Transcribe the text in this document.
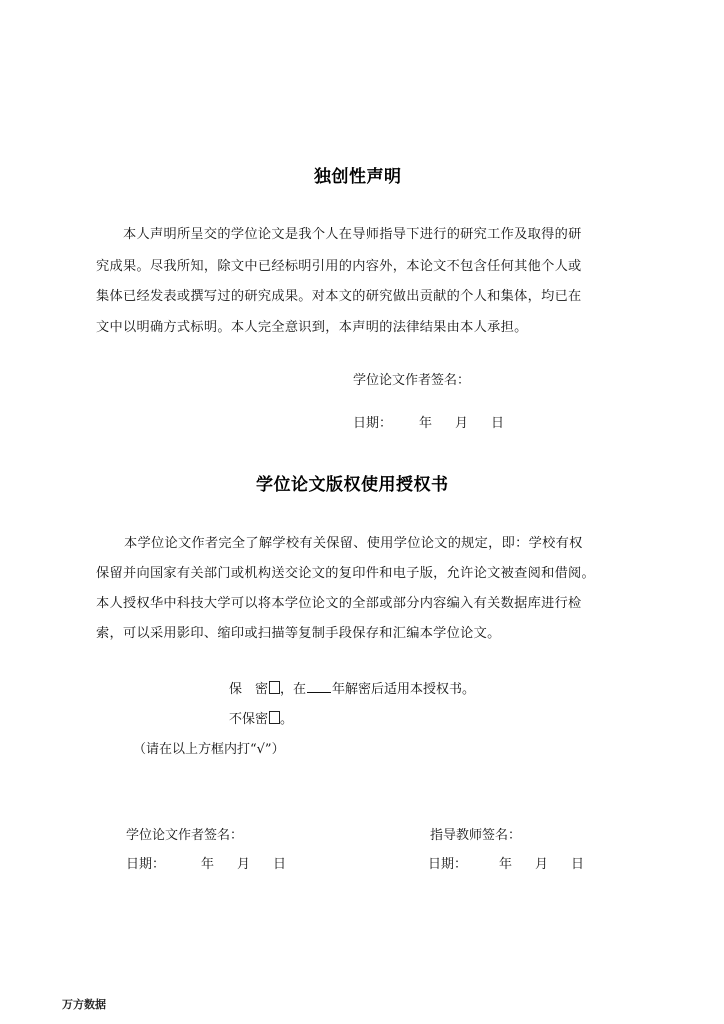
独创性声明
本人声明所呈交的学位论文是我个人在导师指导下进行的研究工作及取得的研
究成果。尽我所知，除文中已经标明引用的内容外，本论文不包含任何其他个人或
集体已经发表或撰写过的研究成果。对本文的研究做出贡献的个人和集体，均已在
文中以明确方式标明。本人完全意识到，本声明的法律结果由本人承担。
学位论文作者签名：
日期： 年 月 日
学位论文版权使用授权书
本学位论文作者完全了解学校有关保留、使用学位论文的规定，即：学校有权
保留并向国家有关部门或机构送交论文的复印件和电子版，允许论文被查阅和借阅。
本人授权华中科技大学可以将本学位论文的全部或部分内容编入有关数据库进行检
索，可以采用影印、缩印或扫描等复制手段保存和汇编本学位论文。
保　密 ，在 年解密后适用本授权书。
不保密 。
（请在以上方框内打“√”）
学位论文作者签名：	指导教师签名：
日期：	年 月 日	日期： 年 月 日
万方数据
